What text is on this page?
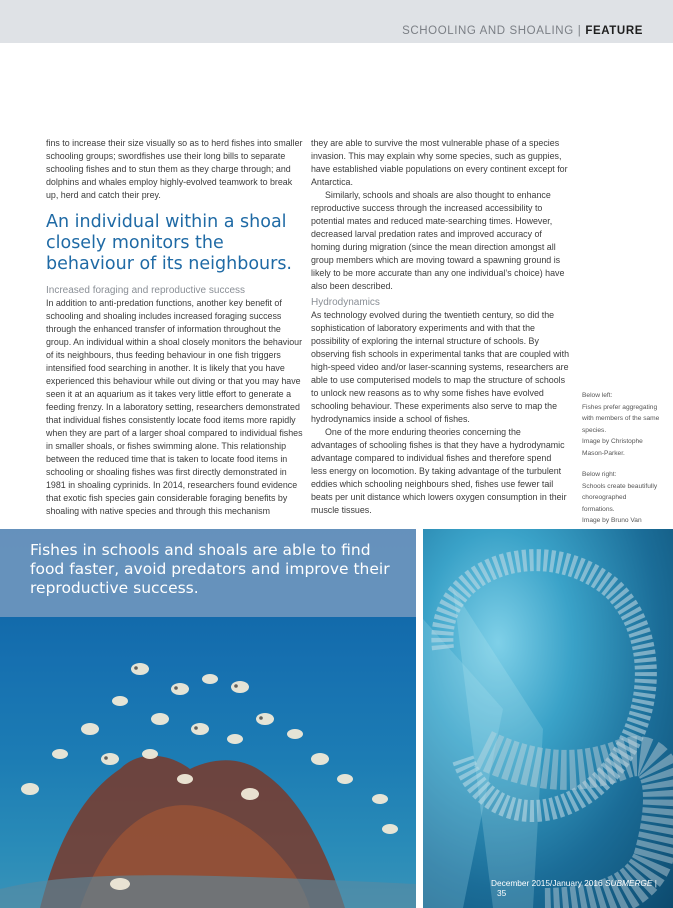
SCHOOLING AND SHOALING | FEATURE

fins to increase their size visually so as to herd fishes into smaller schooling groups; swordfishes use their long bills to separate schooling fishes and to stun them as they charge through; and dolphins and whales employ highly-evolved teamwork to break up, herd and catch their prey.

An individual within a shoal closely monitors the behaviour of its neighbours.
Increased foraging and reproductive success

In addition to anti-predation functions, another key benefit of schooling and shoaling includes increased foraging success through the enhanced transfer of information throughout the group. An individual within a shoal closely monitors the behaviour of its neighbours, thus feeding behaviour in one fish triggers intensified food searching in another. It is likely that you have experienced this behaviour while out diving or that you may have seen it at an aquarium as it takes very little effort to generate a feeding frenzy. In a laboratory setting, researchers demonstrated that individual fishes consistently locate food items more rapidly when they are part of a larger shoal compared to individual fishes in smaller shoals, or fishes swimming alone. This relationship between the reduced time that is taken to locate food items in schooling or shoaling fishes was first directly demonstrated in 1981 in shoaling cyprinids. In 2014, researchers found evidence that exotic fish species gain considerable foraging benefits by shoaling with native species and through this mechanism

they are able to survive the most vulnerable phase of a species invasion. This may explain why some species, such as guppies, have established viable populations on every continent except for Antarctica.

Similarly, schools and shoals are also thought to enhance reproductive success through the increased accessibility to potential mates and reduced mate-searching times. However, decreased larval predation rates and improved accuracy of homing during migration (since the mean direction amongst all group members which are moving toward a spawning ground is likely to be more accurate than any one individual’s choice) have also been described.

Hydrodynamics

As technology evolved during the twentieth century, so did the sophistication of laboratory experiments and with that the possibility of exploring the internal structure of schools. By observing fish schools in experimental tanks that are coupled with high-speed video and/or laser-scanning systems, researchers are able to use computerised models to map the structure of schools to unlock new reasons as to why some fishes have evolved schooling behaviour. These experiments also serve to map the hydrodynamics inside a school of fishes.

One of the more enduring theories concerning the advantages of schooling fishes is that they have a hydrodynamic advantage compared to individual fishes and therefore spend less energy on locomotion. By taking advantage of the turbulent eddies which schooling neighbours shed, fishes use fewer tail beats per unit distance which lowers oxygen consumption in their muscle tissues.

Below left:

Fishes prefer aggregating with members of the same species.

Image by Christophe Mason-Parker.

Below right:

Schools create beautifully choreographed formations.

Image by Bruno Van

Fishes in schools and shoals are able to find food faster, avoid predators and improve their reproductive success.
December 2015/January 2016 SUBMERGE | 35
